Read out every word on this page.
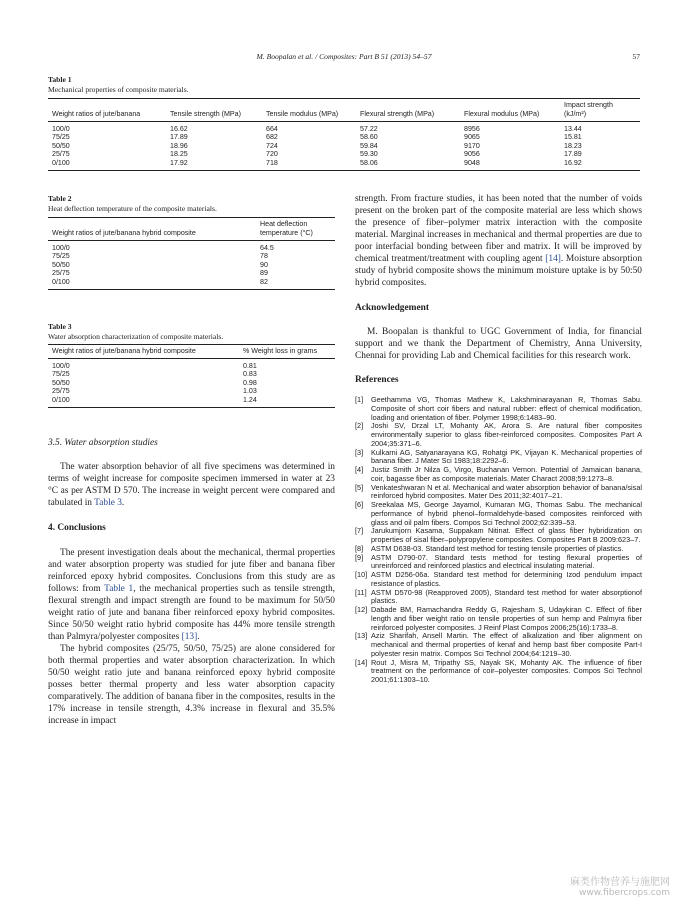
M. Boopalan et al. / Composites: Part B 51 (2013) 54–57	57
Table 1
Mechanical properties of composite materials.
Weight ratios of jute/banana	Tensile strength (MPa)	Tensile modulus (MPa)	Flexural strength (MPa)	Flexural modulus (MPa)	Impact strength (kJ/m²)
100/0	16.62	664	57.22	8956	13.44
75/25	17.89	682	58.60	9065	15.81
50/50	18.96	724	59.84	9170	18.23
25/75	18.25	720	59.30	9056	17.89
0/100	17.92	718	58.06	9048	16.92
Table 2
Heat deflection temperature of the composite materials.
Weight ratios of jute/banana hybrid composite	Heat deflection temperature (°C)
100/0	64.5
75/25	78
50/50	90
25/75	89
0/100	82
Table 3
Water absorption characterization of composite materials.
Weight ratios of jute/banana hybrid composite	% Weight loss in grams
100/0	0.81
75/25	0.83
50/50	0.98
25/75	1.03
0/100	1.24
3.5. Water absorption studies

The water absorption behavior of all five specimens was determined in terms of weight increase for composite specimen immersed in water at 23 °C as per ASTM D 570. The increase in weight percent were compared and tabulated in Table 3.

4. Conclusions

The present investigation deals about the mechanical, thermal properties and water absorption property was studied for jute fiber and banana fiber reinforced epoxy hybrid composites. Conclusions from this study are as follows: from Table 1, the mechanical properties such as tensile strength, flexural strength and impact strength are found to be maximum for 50/50 weight ratio of jute and banana fiber reinforced epoxy hybrid composites. Since 50/50 weight ratio hybrid composite has 44% more tensile strength than Palmyra/polyester composites [13].

The hybrid composites (25/75, 50/50, 75/25) are alone considered for both thermal properties and water absorption characterization. In which 50/50 weight ratio jute and banana reinforced epoxy hybrid composite posses better thermal property and less water absorption capacity comparatively. The addition of banana fiber in the composites, results in the 17% increase in tensile strength, 4.3% increase in flexural and 35.5% increase in impact

strength. From fracture studies, it has been noted that the number of voids present on the broken part of the composite material are less which shows the presence of fiber–polymer matrix interaction with the composite material. Marginal increases in mechanical and thermal properties are due to poor interfacial bonding between fiber and matrix. It will be improved by chemical treatment/treatment with coupling agent [14]. Moisture absorption study of hybrid composite shows the minimum moisture uptake is by 50:50 hybrid composites.

Acknowledgement

M. Boopalan is thankful to UGC Government of India, for financial support and we thank the Department of Chemistry, Anna University, Chennai for providing Lab and Chemical facilities for this research work.

References
[1]	Geethamma VG, Thomas Mathew K, Lakshminarayanan R, Thomas Sabu. Composite of short coir fibers and natural rubber: effect of chemical modification, loading and orientation of fiber. Polymer 1998;6:1483–90.
[2]	Joshi SV, Drzal LT, Mohanty AK, Arora S. Are natural fiber composites environmentally superior to glass fiber-reinforced composites. Composites Part A 2004;35:371–6.
[3]	Kulkarni AG, Satyanarayana KG, Rohatgi PK, Vijayan K. Mechanical properties of banana fiber. J Mater Sci 1983;18:2292–6.
[4]	Justiz Smith Jr Nilza G, Virgo, Buchanan Vemon. Potential of Jamaican banana, coir, bagasse fiber as composite materials. Mater Charact 2008;59:1273–8.
[5]	Venkateshwaran N et al. Mechanical and water absorption behavior of banana/sisal reinforced hybrid composites. Mater Des 2011;32:4017–21.
[6]	Sreekalaa MS, George Jayamol, Kumaran MG, Thomas Sabu. The mechanical performance of hybrid phenol–formaldehyde-based composites reinforced with glass and oil palm fibers. Compos Sci Technol 2002;62:339–53.
[7]	Jarukumjorn Kasama, Suppakam Nitinat. Effect of glass fiber hybridization on properties of sisal fiber–polypropylene composites. Composites Part B 2009:623–7.
[8]	ASTM D638-03. Standard test method for testing tensile properties of plastics.
[9]	ASTM D790-07. Standard tests method for testing flexural properties of unreinforced and reinforced plastics and electrical insulating material.
[10] ASTM D256-06a. Standard test method for determining Izod pendulum impact resistance of plastics.
[11] ASTM D570-98 (Reapproved 2005), Standard test method for water absorptionof plastics.
[12] Dabade BM, Ramachandra Reddy G, Rajesham S, Udaykiran C. Effect of fiber length and fiber weight ratio on tensile properties of sun hemp and Palmyra fiber reinforced polyester composites. J Reinf Plast Compos 2006;25(16):1733–8.
[13] Aziz Sharifah, Ansell Martin. The effect of alkalization and fiber alignment on mechanical and thermal properties of kenaf and hemp bast fiber composite Part-I polyester resin matrix. Compos Sci Technol 2004;64:1219–30.
[14] Rout J, Misra M, Tripathy SS, Nayak SK, Mohanty AK. The influence of fiber treatment on the performance of coir–polyester composites. Compos Sci Technol 2001;61:1303–10.
麻类作物营养与施肥网
www.fibercrops.com
